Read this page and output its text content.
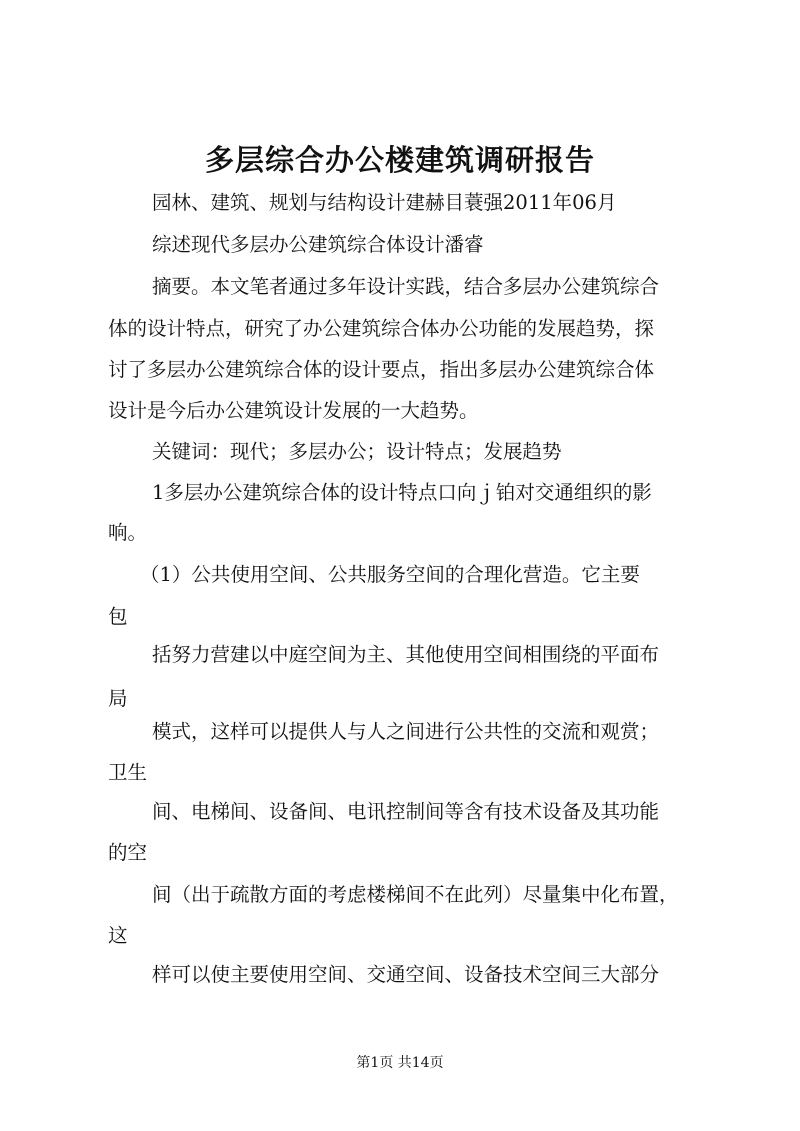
多层综合办公楼建筑调研报告
园林、建筑、规划与结构设计建赫目蓑强2011年06月
综述现代多层办公建筑综合体设计潘睿
摘要。本文笔者通过多年设计实践，结合多层办公建筑综合
体的设计特点，研究了办公建筑综合体办公功能的发展趋势，探
讨了多层办公建筑综合体的设计要点，指出多层办公建筑综合体
设计是今后办公建筑设计发展的一大趋势。
关键词：现代；多层办公；设计特点；发展趋势
1多层办公建筑综合体的设计特点口向ｊ铂对交通组织的影
响。
（1）公共使用空间、公共服务空间的合理化营造。它主要
包
括努力营建以中庭空间为主、其他使用空间相围绕的平面布
局
模式，这样可以提供人与人之间进行公共性的交流和观赏；
卫生
间、电梯间、设备间、电讯控制间等含有技术设备及其功能
的空
间（出于疏散方面的考虑楼梯间不在此列）尽量集中化布置，
这
样可以使主要使用空间、交通空间、设备技术空间三大部分
第1页 共14页
